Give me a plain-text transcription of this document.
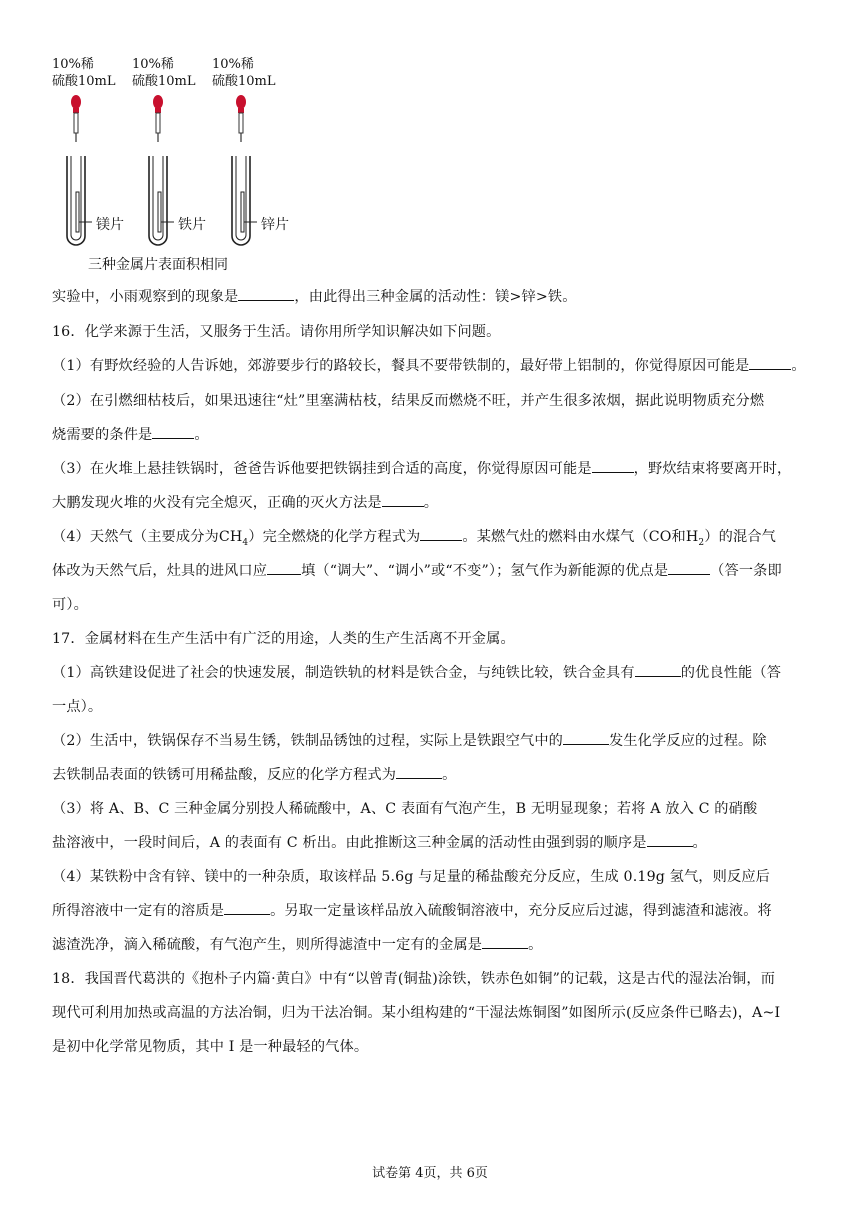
10%稀
硫酸10mL
10%稀
硫酸10mL
10%稀
硫酸10mL
镁片	铁片	锌片
三种金属片表面积相同
实验中，小雨观察到的现象是	，由此得出三种金属的活动性：镁>锌>铁。
16．化学来源于生活，又服务于生活。请你用所学知识解决如下问题。
（1）有野炊经验的人告诉她，郊游要步行的路较长，餐具不要带铁制的，最好带上铝制的，你觉得原因可能是	。
（2）在引燃细枯枝后，如果迅速往“灶”里塞满枯枝，结果反而燃烧不旺，并产生很多浓烟，据此说明物质充分燃
烧需要的条件是	。
（3）在火堆上悬挂铁锅时，爸爸告诉他要把铁锅挂到合适的高度，你觉得原因可能是	，野炊结束将要离开时，
大鹏发现火堆的火没有完全熄灭，正确的灭火方法是	。
（4）天然气（主要成分为$CH_4$）完全燃烧的化学方程式为	。某燃气灶的燃料由水煤气（CO和$H_2$）的混合气
体改为天然气后，灶具的进风口应 填（“调大”、“调小”或“不变”）；氢气作为新能源的优点是	（答一条即
可）。
17．金属材料在生产生活中有广泛的用途，人类的生产生活离不开金属。
（1）高铁建设促进了社会的快速发展，制造铁轨的材料是铁合金，与纯铁比较，铁合金具有	的优良性能（答
一点）。
（2）生活中，铁锅保存不当易生锈，铁制品锈蚀的过程，实际上是铁跟空气中的	发生化学反应的过程。除
去铁制品表面的铁锈可用稀盐酸，反应的化学方程式为	。
（3）将 A、B、C 三种金属分别投人稀硫酸中，A、C 表面有气泡产生，B 无明显现象；若将 A 放入 C 的硝酸
盐溶液中，一段时间后，A 的表面有 C 析出。由此推断这三种金属的活动性由强到弱的顺序是	。
（4）某铁粉中含有锌、镁中的一种杂质，取该样品 5.6g 与足量的稀盐酸充分反应，生成 0.19g 氢气，则反应后
所得溶液中一定有的溶质是	。另取一定量该样品放入硫酸铜溶液中，充分反应后过滤，得到滤渣和滤液。将
滤渣洗净，滴入稀硫酸，有气泡产生，则所得滤渣中一定有的金属是	。
18．我国晋代葛洪的《抱朴子内篇·黄白》中有“以曾青(铜盐)涂铁，铁赤色如铜”的记载，这是古代的湿法冶铜，而
现代可利用加热或高温的方法冶铜，归为干法冶铜。某小组构建的“干湿法炼铜图”如图所示(反应条件已略去)，A~I
是初中化学常见物质，其中 I 是一种最轻的气体。
试卷第 4页，共 6页
